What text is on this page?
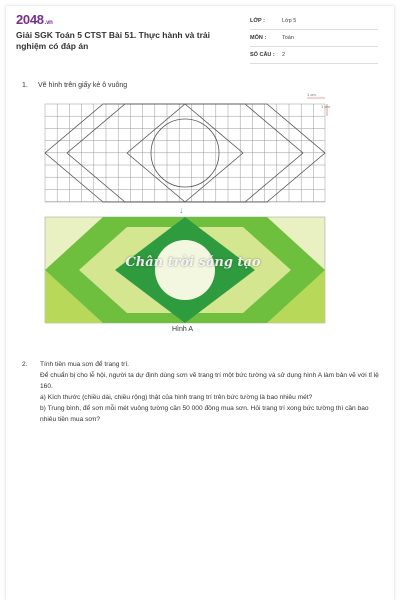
2048.vn
Giải SGK Toán 5 CTST Bài 51. Thực hành và trải nghiệm có đáp án
LỚP :	Lớp 5
MÔN :	Toán
SỐ CÂU :	2
1. Vẽ hình trên giấy kẻ ô vuông
1 cm
1 cm
↓
Chân trời sáng tạo
Hình A
2. Tính tiền mua sơn để trang trí.

Để chuẩn bị cho lễ hội, người ta dự định dùng sơn vẽ trang trí một bức tường và sử dụng hình A làm bản vẽ với tỉ lệ 160.

a) Kích thước (chiều dài, chiều rộng) thật của hình trang trí trên bức tường là bao nhiêu mét?

b) Trung bình, để sơn mỗi mét vuông tường cần 50 000 đồng mua sơn. Hỏi trang trí xong bức tường thì cần bao nhiêu tiền mua sơn?
